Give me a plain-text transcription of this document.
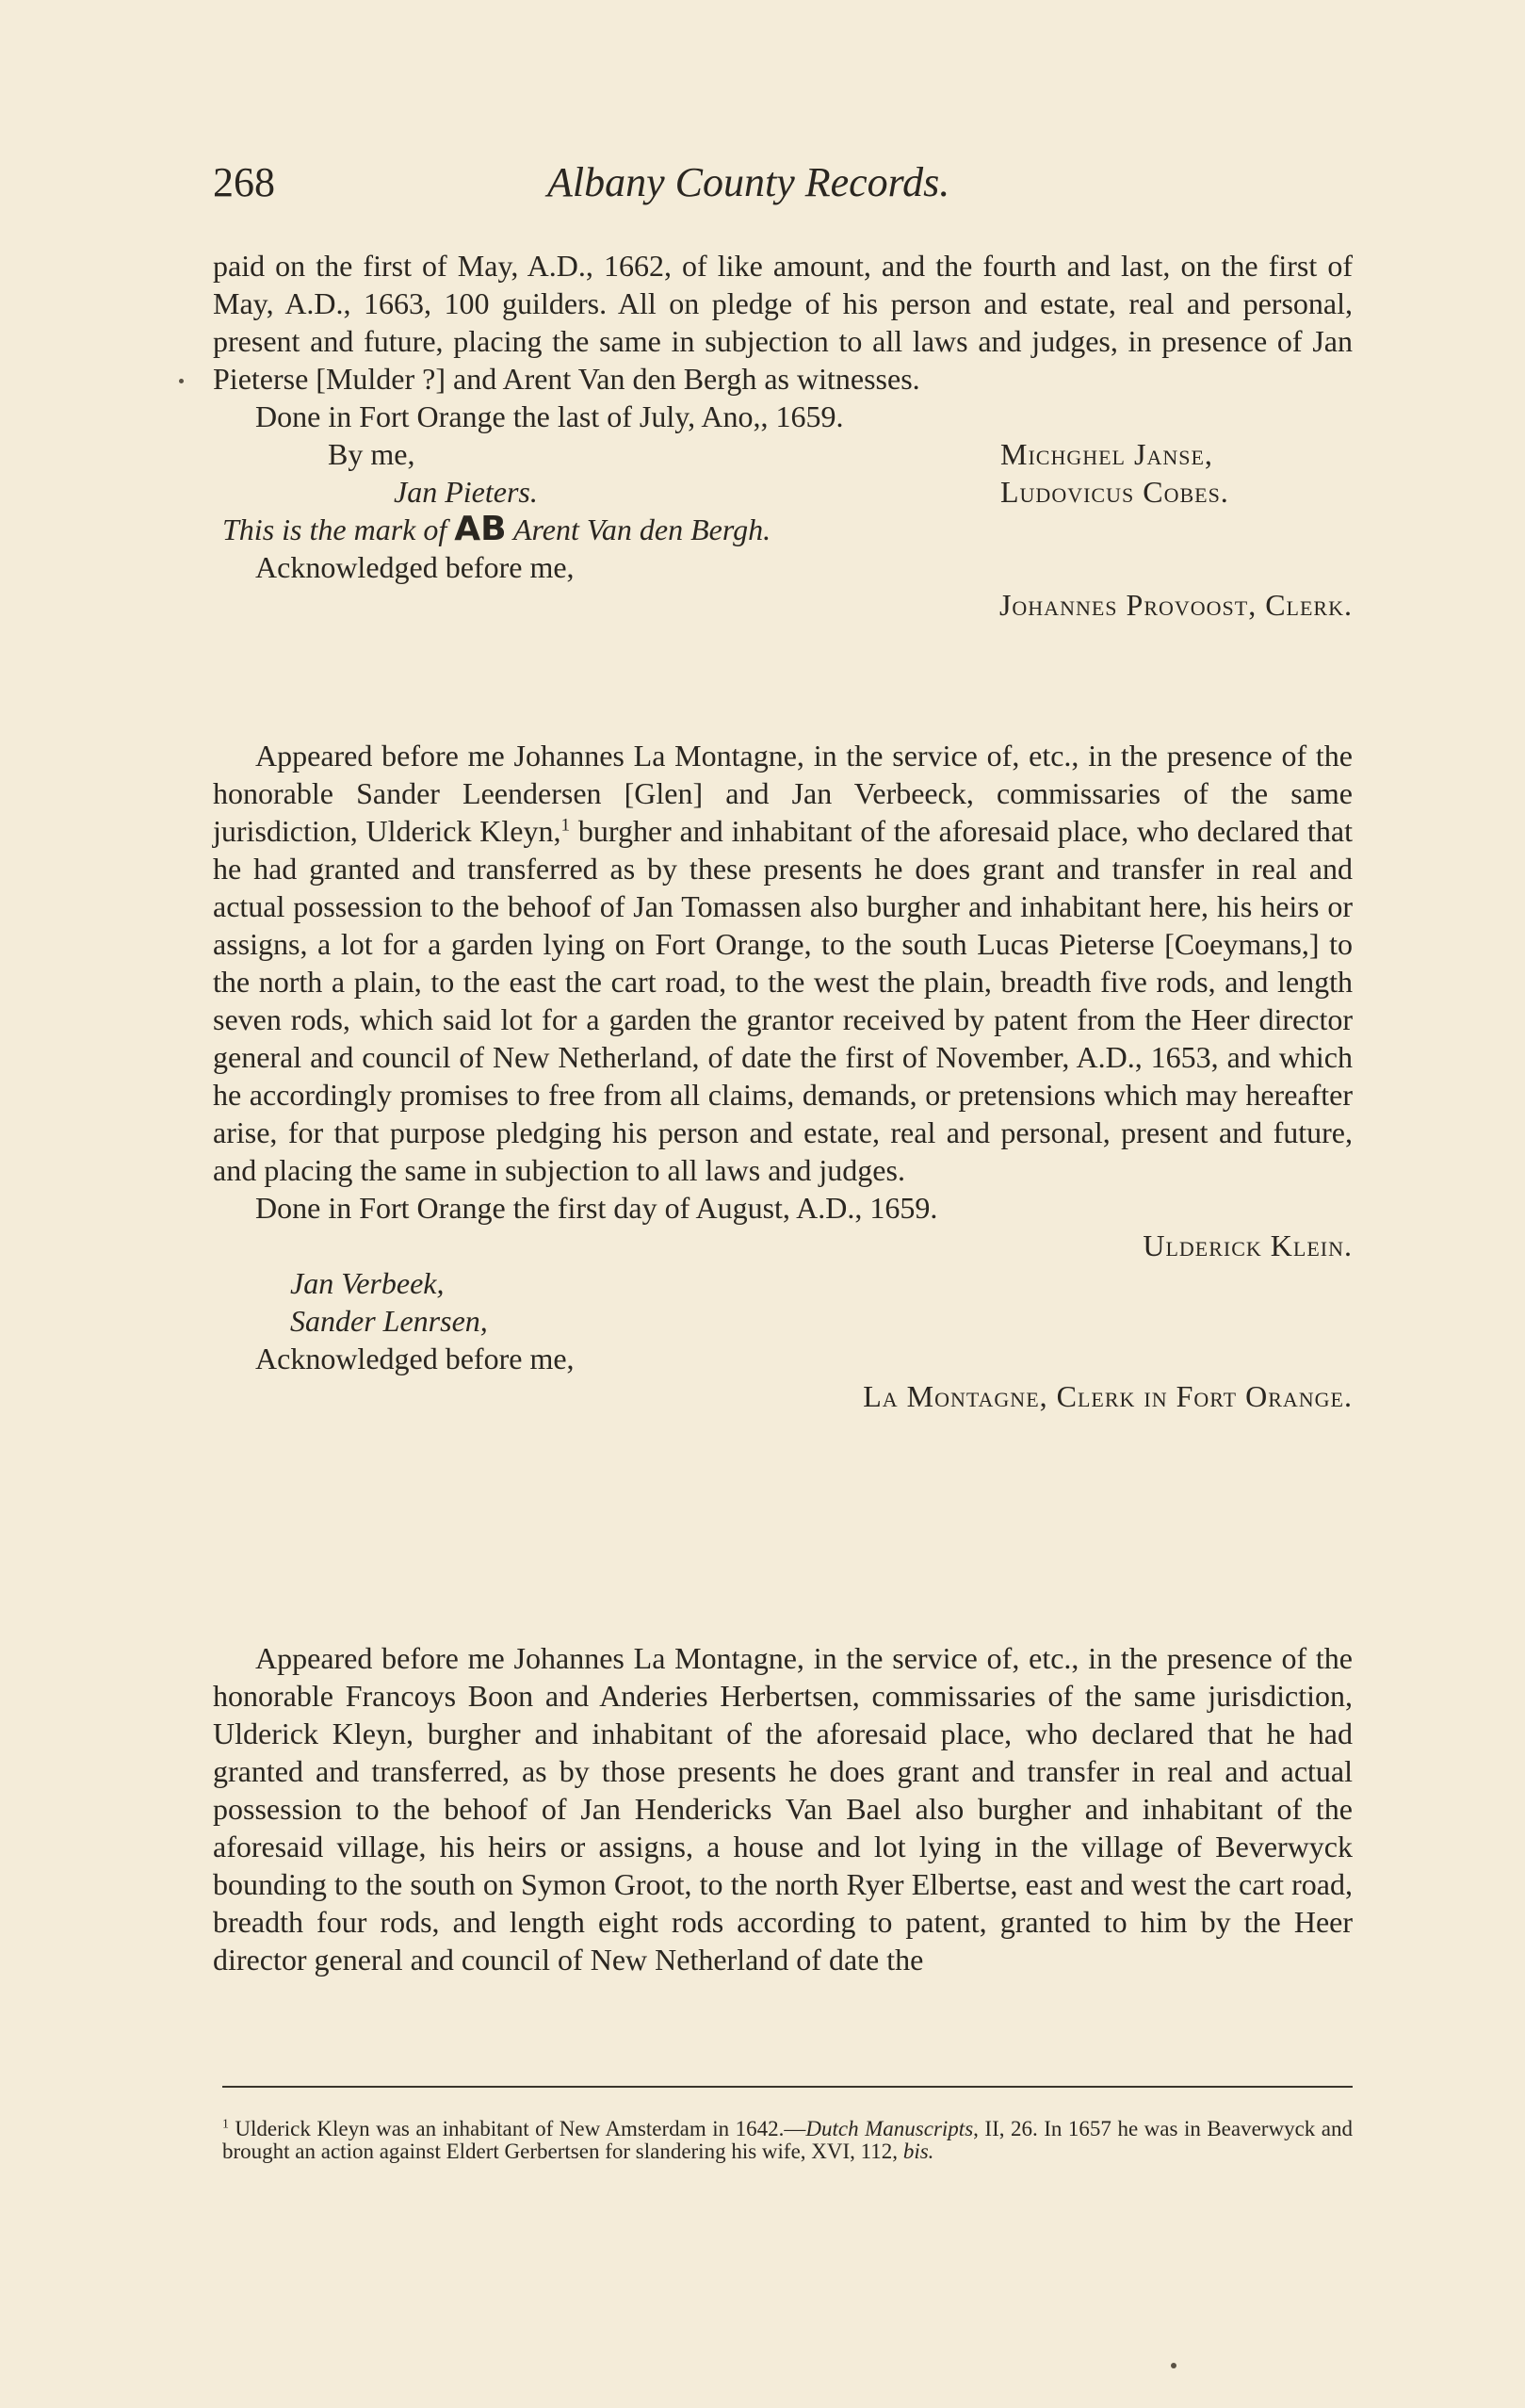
268	Albany County Records.

paid on the first of May, A.D., 1662, of like amount, and the fourth and last, on the first of May, A.D., 1663, 100 guilders. All on pledge of his person and estate, real and personal, present and future, placing the same in subjection to all laws and judges, in presence of Jan Pieterse [Mulder ?] and Arent Van den Bergh as witnesses.

Done in Fort Orange the last of July, Ano,, 1659.

By me,	Michghel Janse,
Jan Pieters.	Ludovicus Cobes.
This is the mark of AB Arent Van den Bergh.
Acknowledged before me,
Johannes Provoost, Clerk.

Appeared before me Johannes La Montagne, in the service of, etc., in the presence of the honorable Sander Leendersen [Glen] and Jan Verbeeck, commissaries of the same jurisdiction, Ulderick Kleyn,$^1$ burgher and inhabitant of the aforesaid place, who declared that he had granted and transferred as by these presents he does grant and transfer in real and actual possession to the behoof of Jan Tomassen also burgher and inhabitant here, his heirs or assigns, a lot for a garden lying on Fort Orange, to the south Lucas Pieterse [Coeymans,] to the north a plain, to the east the cart road, to the west the plain, breadth five rods, and length seven rods, which said lot for a garden the grantor received by patent from the Heer director general and council of New Netherland, of date the first of November, A.D., 1653, and which he accordingly promises to free from all claims, demands, or pretensions which may hereafter arise, for that purpose pledging his person and estate, real and personal, present and future, and placing the same in subjection to all laws and judges.

Done in Fort Orange the first day of August, A.D., 1659.

Ulderick Klein.
Jan Verbeek,
Sander Lenrsen,
Acknowledged before me,
La Montagne, Clerk in Fort Orange.

Appeared before me Johannes La Montagne, in the service of, etc., in the presence of the honorable Francoys Boon and Anderies Herbertsen, commissaries of the same jurisdiction, Ulderick Kleyn, burgher and inhabitant of the aforesaid place, who declared that he had granted and transferred, as by those presents he does grant and transfer in real and actual possession to the behoof of Jan Hendericks Van Bael also burgher and inhabitant of the aforesaid village, his heirs or assigns, a house and lot lying in the village of Beverwyck bounding to the south on Symon Groot, to the north Ryer Elbertse, east and west the cart road, breadth four rods, and length eight rods according to patent, granted to him by the Heer director general and council of New Netherland of date the

$^1$ Ulderick Kleyn was an inhabitant of New Amsterdam in 1642.—Dutch Manuscripts, II, 26. In 1657 he was in Beaverwyck and brought an action against Eldert Gerbertsen for slandering his wife, XVI, 112, bis.
